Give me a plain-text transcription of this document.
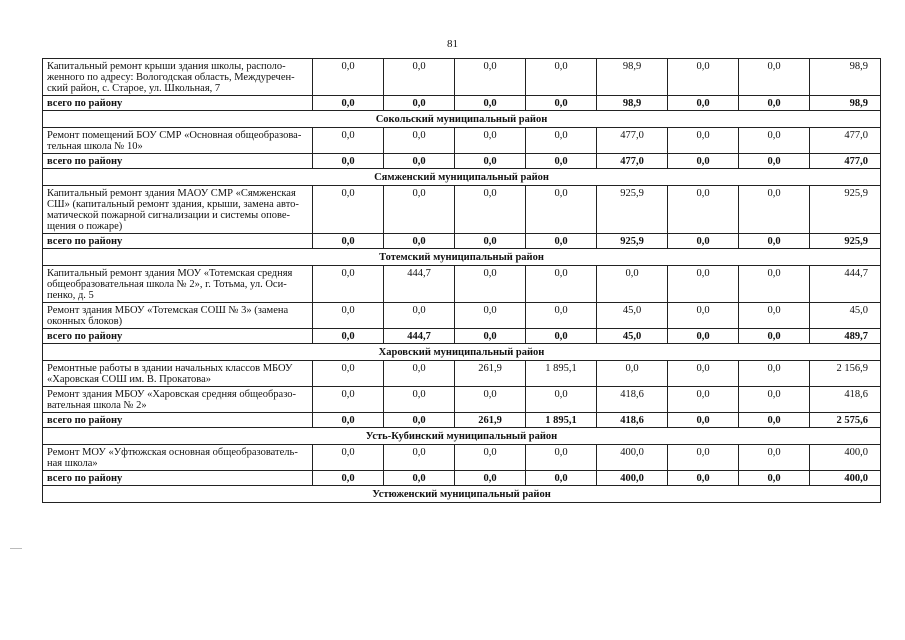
81
Капитальный ремонт крыши здания школы, располо-женного по адресу: Вологодская область, Междуречен-ский район, с. Старое, ул. Школьная, 7	0,0	0,0	0,0	0,0	98,9	0,0	0,0	98,9
всего по району	0,0	0,0	0,0	0,0	98,9	0,0	0,0	98,9
Сокольский муниципальный район								
Ремонт помещений БОУ СМР «Основная общеобразова-тельная школа № 10»	0,0	0,0	0,0	0,0	477,0	0,0	0,0	477,0
всего по району	0,0	0,0	0,0	0,0	477,0	0,0	0,0	477,0
Сямженский муниципальный район								
Капитальный ремонт здания МАОУ СМР «Сямженская СШ» (капитальный ремонт здания, крыши, замена авто-матической пожарной сигнализации и системы опове-щения о пожаре)	0,0	0,0	0,0	0,0	925,9	0,0	0,0	925,9
всего по району	0,0	0,0	0,0	0,0	925,9	0,0	0,0	925,9
Тотемский муниципальный район								
Капитальный ремонт здания МОУ «Тотемская средняя общеобразовательная школа № 2», г. Тотьма, ул. Оси-пенко, д. 5	0,0	444,7	0,0	0,0	0,0	0,0	0,0	444,7
Ремонт здания МБОУ «Тотемская СОШ № 3» (замена оконных блоков)	0,0	0,0	0,0	0,0	45,0	0,0	0,0	45,0
всего по району	0,0	444,7	0,0	0,0	45,0	0,0	0,0	489,7
Харовский муниципальный район								
Ремонтные работы в здании начальных классов МБОУ «Харовская СОШ им. В. Прокатова»	0,0	0,0	261,9	1 895,1	0,0	0,0	0,0	2 156,9
Ремонт здания МБОУ «Харовская средняя общеобразо-вательная школа № 2»	0,0	0,0	0,0	0,0	418,6	0,0	0,0	418,6
всего по району	0,0	0,0	261,9	1 895,1	418,6	0,0	0,0	2 575,6
Усть-Кубинский муниципальный район								
Ремонт МОУ «Уфтюжская основная общеобразователь-ная школа»	0,0	0,0	0,0	0,0	400,0	0,0	0,0	400,0
всего по району	0,0	0,0	0,0	0,0	400,0	0,0	0,0	400,0
Устюженский муниципальный район								
